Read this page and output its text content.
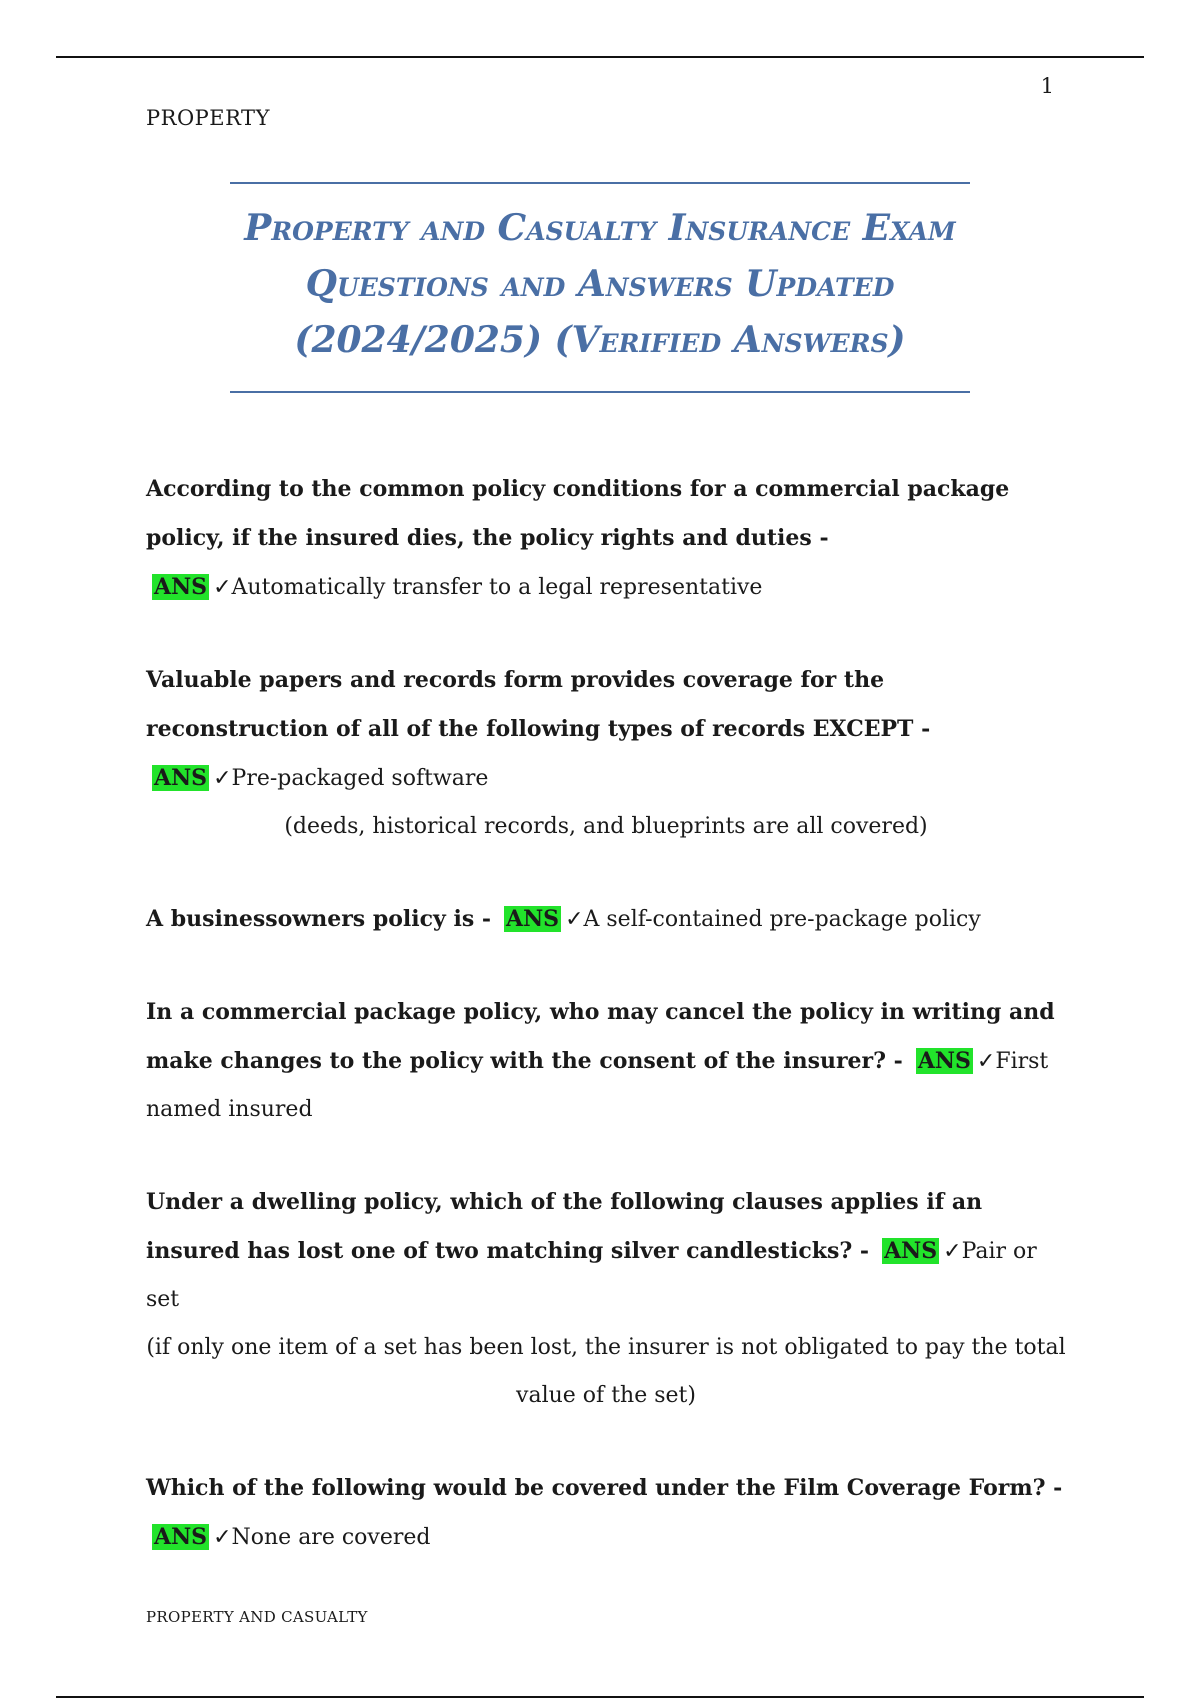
1
PROPERTY
Property and Casualty Insurance Exam Questions and Answers Updated (2024/2025) (Verified Answers)
According to the common policy conditions for a commercial package policy, if the insured dies, the policy rights and duties - ANS ✓Automatically transfer to a legal representative
Valuable papers and records form provides coverage for the reconstruction of all of the following types of records EXCEPT - ANS ✓Pre-packaged software
(deeds, historical records, and blueprints are all covered)
A businessowners policy is - ANS ✓A self-contained pre-package policy
In a commercial package policy, who may cancel the policy in writing and make changes to the policy with the consent of the insurer? - ANS ✓First named insured
Under a dwelling policy, which of the following clauses applies if an insured has lost one of two matching silver candlesticks? - ANS ✓Pair or set
(if only one item of a set has been lost, the insurer is not obligated to pay the total value of the set)
Which of the following would be covered under the Film Coverage Form? - ANS ✓None are covered
PROPERTY AND CASUALTY
